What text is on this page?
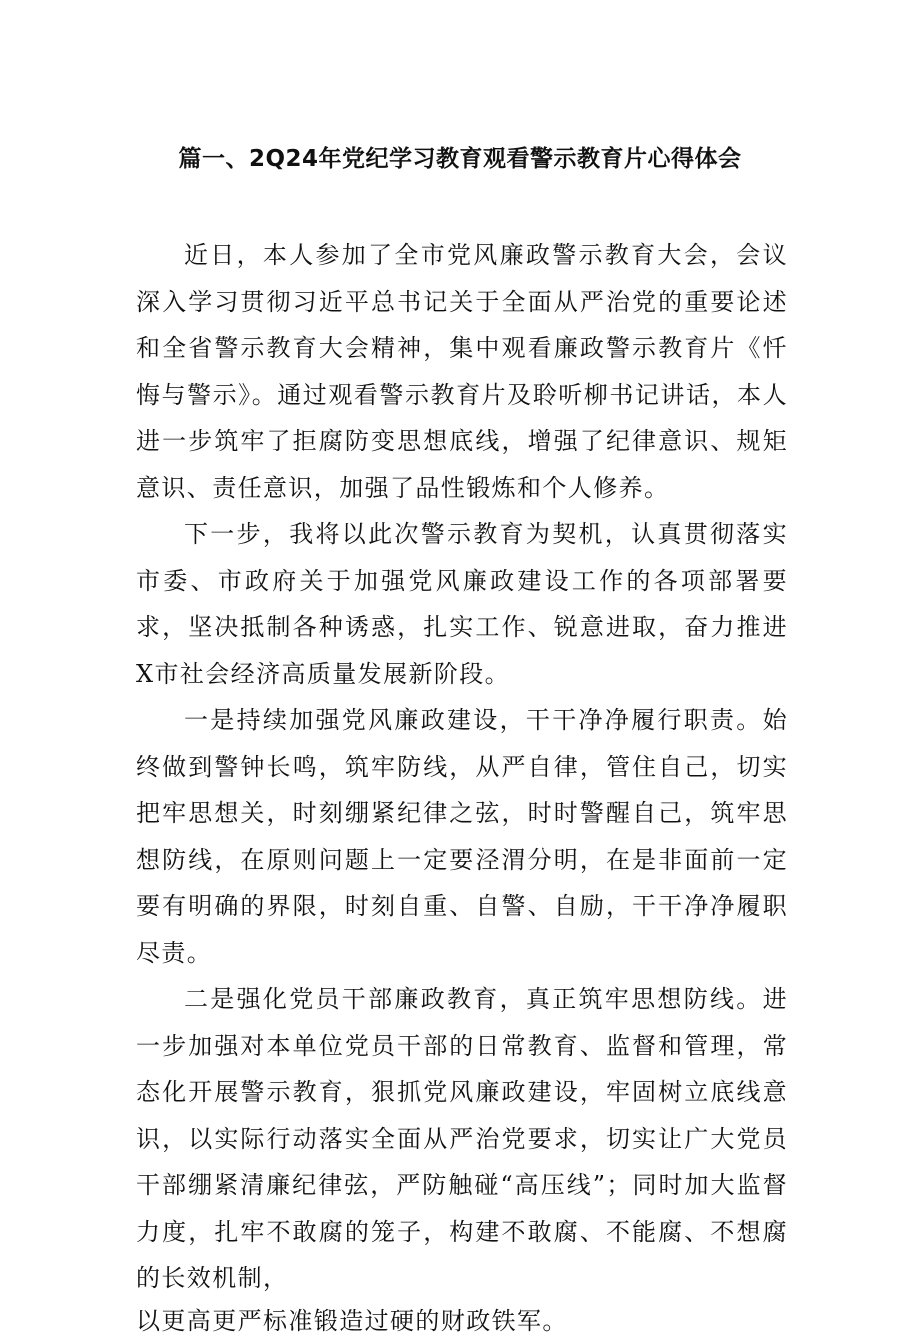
篇一、2Q24年党纪学习教育观看警示教育片心得体会

近日，本人参加了全市党风廉政警示教育大会，会议深入学习贯彻习近平总书记关于全面从严治党的重要论述和全省警示教育大会精神，集中观看廉政警示教育片《忏悔与警示》。通过观看警示教育片及聆听柳书记讲话，本人进一步筑牢了拒腐防变思想底线，增强了纪律意识、规矩意识、责任意识，加强了品性锻炼和个人修养。

下一步，我将以此次警示教育为契机，认真贯彻落实市委、市政府关于加强党风廉政建设工作的各项部署要求，坚决抵制各种诱惑，扎实工作、锐意进取，奋力推进X市社会经济高质量发展新阶段。

一是持续加强党风廉政建设，干干净净履行职责。始终做到警钟长鸣，筑牢防线，从严自律，管住自己，切实把牢思想关，时刻绷紧纪律之弦，时时警醒自己，筑牢思想防线，在原则问题上一定要泾渭分明，在是非面前一定要有明确的界限，时刻自重、自警、自励，干干净净履职尽责。

二是强化党员干部廉政教育，真正筑牢思想防线。进一步加强对本单位党员干部的日常教育、监督和管理，常态化开展警示教育，狠抓党风廉政建设，牢固树立底线意识，以实际行动落实全面从严治党要求，切实让广大党员干部绷紧清廉纪律弦，严防触碰“高压线”；同时加大监督力度，扎牢不敢腐的笼子，构建不敢腐、不能腐、不想腐的长效机制，

以更高更严标准锻造过硬的财政铁军。
